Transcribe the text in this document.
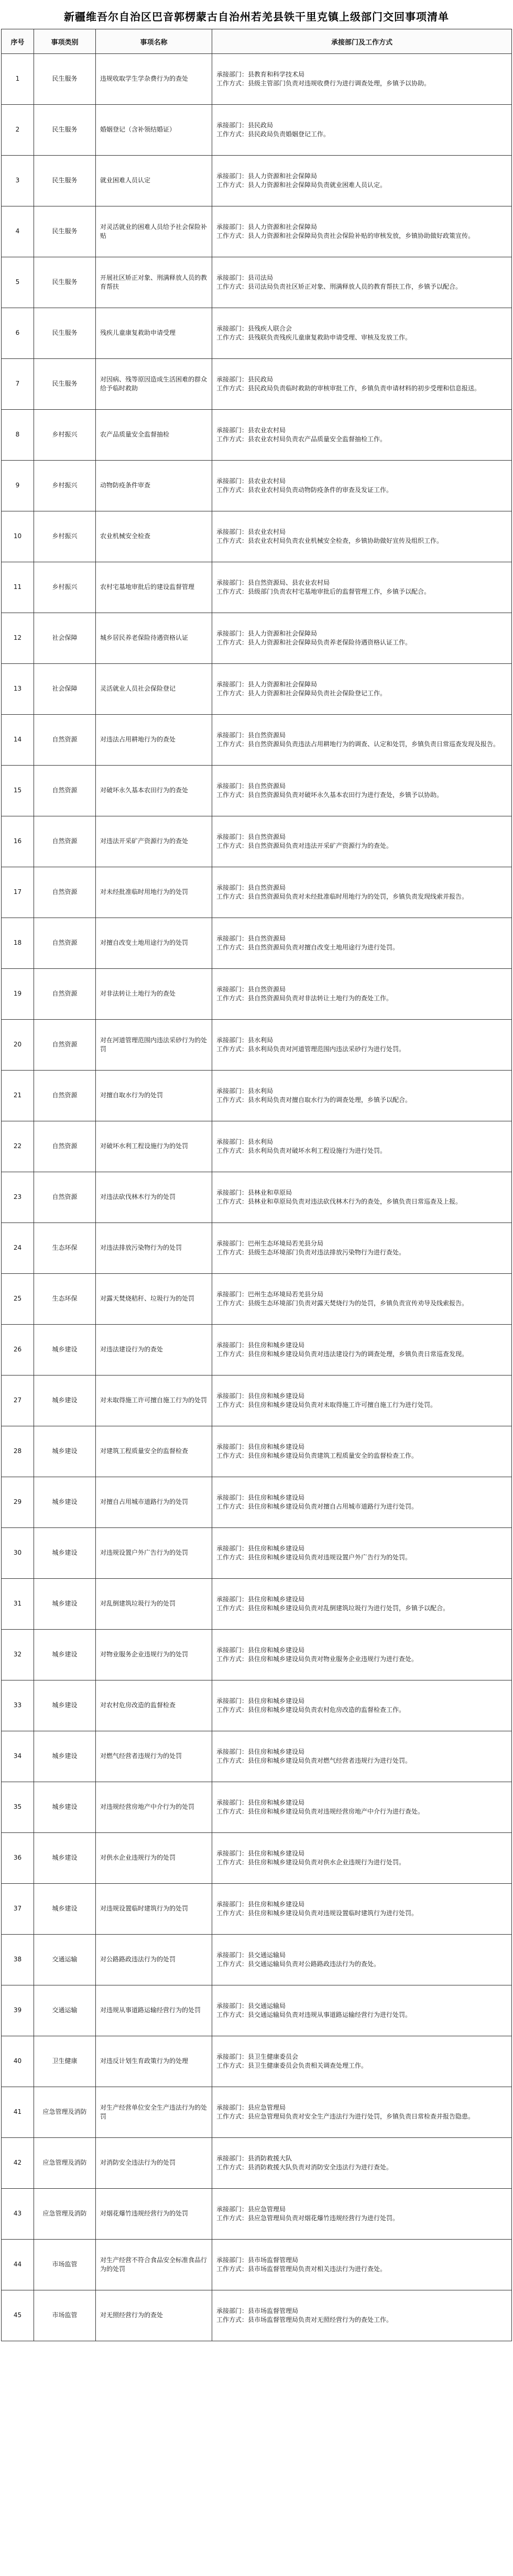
新疆维吾尔自治区巴音郭楞蒙古自治州若羌县铁干里克镇上级部门交回事项清单
序号	事项类别	事项名称	承接部门及工作方式
1	民生服务	违规收取学生学杂费行为的查处	承接部门：县教育和科学技术局
工作方式：县级主管部门负责对违规收费行为进行调查处理，乡镇予以协助。
2	民生服务	婚姻登记（含补领结婚证）	承接部门：县民政局
工作方式：县民政局负责婚姻登记工作。
3	民生服务	就业困难人员认定	承接部门：县人力资源和社会保障局
工作方式：县人力资源和社会保障局负责就业困难人员认定。
4	民生服务	对灵活就业的困难人员给予社会保险补贴	承接部门：县人力资源和社会保障局
工作方式：县人力资源和社会保障局负责社会保险补贴的审核发放，乡镇协助做好政策宣传。
5	民生服务	开展社区矫正对象、刑满释放人员的教育帮扶	承接部门：县司法局
工作方式：县司法局负责社区矫正对象、刑满释放人员的教育帮扶工作，乡镇予以配合。
6	民生服务	残疾儿童康复救助申请受理	承接部门：县残疾人联合会
工作方式：县残联负责残疾儿童康复救助申请受理、审核及发放工作。
7	民生服务	对因病、残等原因造成生活困难的群众给予临时救助	承接部门：县民政局
工作方式：县民政局负责临时救助的审核审批工作，乡镇负责申请材料的初步受理和信息报送。
8	乡村振兴	农产品质量安全监督抽检	承接部门：县农业农村局
工作方式：县农业农村局负责农产品质量安全监督抽检工作。
9	乡村振兴	动物防疫条件审查	承接部门：县农业农村局
工作方式：县农业农村局负责动物防疫条件的审查及发证工作。
10	乡村振兴	农业机械安全检查	承接部门：县农业农村局
工作方式：县农业农村局负责农业机械安全检查，乡镇协助做好宣传及组织工作。
11	乡村振兴	农村宅基地审批后的建设监督管理	承接部门：县自然资源局、县农业农村局
工作方式：县级部门负责农村宅基地审批后的监督管理工作，乡镇予以配合。
12	社会保障	城乡居民养老保险待遇资格认证	承接部门：县人力资源和社会保障局
工作方式：县人力资源和社会保障局负责养老保险待遇资格认证工作。
13	社会保障	灵活就业人员社会保险登记	承接部门：县人力资源和社会保障局
工作方式：县人力资源和社会保障局负责社会保险登记工作。
14	自然资源	对违法占用耕地行为的查处	承接部门：县自然资源局
工作方式：县自然资源局负责违法占用耕地行为的调查、认定和处罚，乡镇负责日常巡查发现及报告。
15	自然资源	对破坏永久基本农田行为的查处	承接部门：县自然资源局
工作方式：县自然资源局负责对破坏永久基本农田行为进行查处，乡镇予以协助。
16	自然资源	对违法开采矿产资源行为的查处	承接部门：县自然资源局
工作方式：县自然资源局负责对违法开采矿产资源行为的查处。
17	自然资源	对未经批准临时用地行为的处罚	承接部门：县自然资源局
工作方式：县自然资源局负责对未经批准临时用地行为的处罚，乡镇负责发现线索并报告。
18	自然资源	对擅自改变土地用途行为的处罚	承接部门：县自然资源局
工作方式：县自然资源局负责对擅自改变土地用途行为进行处罚。
19	自然资源	对非法转让土地行为的查处	承接部门：县自然资源局
工作方式：县自然资源局负责对非法转让土地行为的查处工作。
20	自然资源	对在河道管理范围内违法采砂行为的处罚	承接部门：县水利局
工作方式：县水利局负责对河道管理范围内违法采砂行为进行处罚。
21	自然资源	对擅自取水行为的处罚	承接部门：县水利局
工作方式：县水利局负责对擅自取水行为的调查处理，乡镇予以配合。
22	自然资源	对破坏水利工程设施行为的处罚	承接部门：县水利局
工作方式：县水利局负责对破坏水利工程设施行为进行处罚。
23	自然资源	对违法砍伐林木行为的处罚	承接部门：县林业和草原局
工作方式：县林业和草原局负责对违法砍伐林木行为的查处，乡镇负责日常巡查及上报。
24	生态环保	对违法排放污染物行为的处罚	承接部门：巴州生态环境局若羌县分局
工作方式：县级生态环境部门负责对违法排放污染物行为进行查处。
25	生态环保	对露天焚烧秸秆、垃圾行为的处罚	承接部门：巴州生态环境局若羌县分局
工作方式：县级生态环境部门负责对露天焚烧行为的处罚，乡镇负责宣传劝导及线索报告。
26	城乡建设	对违法建设行为的查处	承接部门：县住房和城乡建设局
工作方式：县住房和城乡建设局负责对违法建设行为的调查处理，乡镇负责日常巡查发现。
27	城乡建设	对未取得施工许可擅自施工行为的处罚	承接部门：县住房和城乡建设局
工作方式：县住房和城乡建设局负责对未取得施工许可擅自施工行为进行处罚。
28	城乡建设	对建筑工程质量安全的监督检查	承接部门：县住房和城乡建设局
工作方式：县住房和城乡建设局负责建筑工程质量安全的监督检查工作。
29	城乡建设	对擅自占用城市道路行为的处罚	承接部门：县住房和城乡建设局
工作方式：县住房和城乡建设局负责对擅自占用城市道路行为进行处罚。
30	城乡建设	对违规设置户外广告行为的处罚	承接部门：县住房和城乡建设局
工作方式：县住房和城乡建设局负责对违规设置户外广告行为的处罚。
31	城乡建设	对乱倒建筑垃圾行为的处罚	承接部门：县住房和城乡建设局
工作方式：县住房和城乡建设局负责对乱倒建筑垃圾行为进行处罚，乡镇予以配合。
32	城乡建设	对物业服务企业违规行为的处罚	承接部门：县住房和城乡建设局
工作方式：县住房和城乡建设局负责对物业服务企业违规行为进行查处。
33	城乡建设	对农村危房改造的监督检查	承接部门：县住房和城乡建设局
工作方式：县住房和城乡建设局负责农村危房改造的监督检查工作。
34	城乡建设	对燃气经营者违规行为的处罚	承接部门：县住房和城乡建设局
工作方式：县住房和城乡建设局负责对燃气经营者违规行为进行处罚。
35	城乡建设	对违规经营房地产中介行为的处罚	承接部门：县住房和城乡建设局
工作方式：县住房和城乡建设局负责对违规经营房地产中介行为进行查处。
36	城乡建设	对供水企业违规行为的处罚	承接部门：县住房和城乡建设局
工作方式：县住房和城乡建设局负责对供水企业违规行为进行处罚。
37	城乡建设	对违规设置临时建筑行为的处罚	承接部门：县住房和城乡建设局
工作方式：县住房和城乡建设局负责对违规设置临时建筑行为进行处罚。
38	交通运输	对公路路政违法行为的处罚	承接部门：县交通运输局
工作方式：县交通运输局负责对公路路政违法行为的查处。
39	交通运输	对违规从事道路运输经营行为的处罚	承接部门：县交通运输局
工作方式：县交通运输局负责对违规从事道路运输经营行为进行处罚。
40	卫生健康	对违反计划生育政策行为的处理	承接部门：县卫生健康委员会
工作方式：县卫生健康委员会负责相关调查处理工作。
41	应急管理及消防	对生产经营单位安全生产违法行为的处罚	承接部门：县应急管理局
工作方式：县应急管理局负责对安全生产违法行为进行处罚，乡镇负责日常检查并报告隐患。
42	应急管理及消防	对消防安全违法行为的处罚	承接部门：县消防救援大队
工作方式：县消防救援大队负责对消防安全违法行为进行查处。
43	应急管理及消防	对烟花爆竹违规经营行为的处罚	承接部门：县应急管理局
工作方式：县应急管理局负责对烟花爆竹违规经营行为进行处罚。
44	市场监管	对生产经营不符合食品安全标准食品行为的处罚	承接部门：县市场监督管理局
工作方式：县市场监督管理局负责对相关违法行为进行查处。
45	市场监管	对无照经营行为的查处	承接部门：县市场监督管理局
工作方式：县市场监督管理局负责对无照经营行为的查处工作。
